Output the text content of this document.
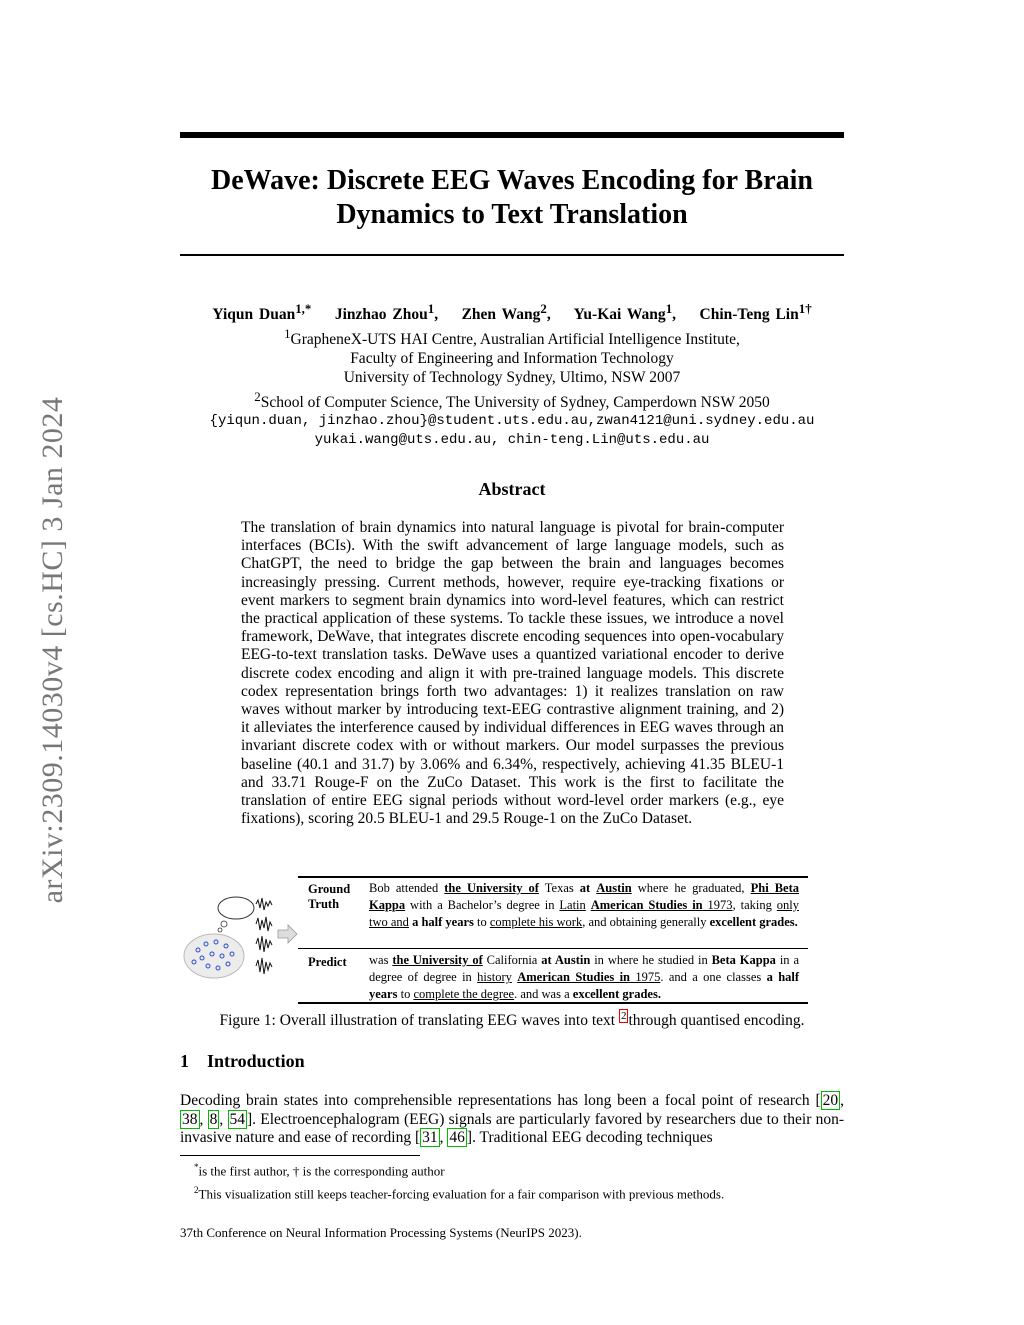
arXiv:2309.14030v4 [cs.HC] 3 Jan 2024
DeWave: Discrete EEG Waves Encoding for Brain
Dynamics to Text Translation
Yiqun Duan$^{1,*}$ Jinzhao Zhou$^1$,    Zhen Wang$^2$,    Yu-Kai Wang$^1$,    Chin-Teng Lin$^{1\dagger}$
$^1$GrapheneX-UTS HAI Centre, Australian Artificial Intelligence Institute,
Faculty of Engineering and Information Technology
University of Technology Sydney, Ultimo, NSW 2007
$^2$School of Computer Science, The University of Sydney, Camperdown NSW 2050
{yiqun.duan, jinzhao.zhou}@student.uts.edu.au,zwan4121@uni.sydney.edu.au
yukai.wang@uts.edu.au, chin-teng.Lin@uts.edu.au
Abstract
The translation of brain dynamics into natural language is pivotal for brain-computer interfaces (BCIs). With the swift advancement of large language models, such as ChatGPT, the need to bridge the gap between the brain and languages becomes increasingly pressing. Current methods, however, require eye-tracking fixations or event markers to segment brain dynamics into word-level features, which can restrict the practical application of these systems. To tackle these issues, we introduce a novel framework, DeWave, that integrates discrete encoding sequences into open-vocabulary EEG-to-text translation tasks. DeWave uses a quantized variational encoder to derive discrete codex encoding and align it with pre-trained language models. This discrete codex representation brings forth two advantages: 1) it realizes translation on raw waves without marker by introducing text-EEG contrastive alignment training, and 2) it alleviates the interference caused by individual differences in EEG waves through an invariant discrete codex with or without markers. Our model surpasses the previous baseline (40.1 and 31.7) by 3.06% and 6.34%, respectively, achieving 41.35 BLEU-1 and 33.71 Rouge-F on the ZuCo Dataset. This work is the first to facilitate the translation of entire EEG signal periods without word-level order markers (e.g., eye fixations), scoring 20.5 BLEU-1 and 29.5 Rouge-1 on the ZuCo Dataset.
Ground
Truth
Bob attended the University of Texas at Austin where he graduated, Phi Beta Kappa with a Bachelor’s degree in Latin American Studies in 1973, taking only two and a half years to complete his work, and obtaining generally excellent grades.
Predict was the University of California at Austin in where he studied in Beta Kappa in a degree of degree in history American Studies in 1975. and a one classes a half years to complete the degree. and was a excellent grades.
Figure 1: Overall illustration of translating EEG waves into text $^2$ through quantised encoding.
1 Introduction
Decoding brain states into comprehensible representations has long been a focal point of research [ 20 , 38 , 8 , 54 ]. Electroencephalogram (EEG) signals are particularly favored by researchers due to their non-invasive nature and ease of recording [ 31 , 46 ]. Traditional EEG decoding techniques
*is the first author, † is the corresponding author
$^2$This visualization still keeps teacher-forcing evaluation for a fair comparison with previous methods.
37th Conference on Neural Information Processing Systems (NeurIPS 2023).
